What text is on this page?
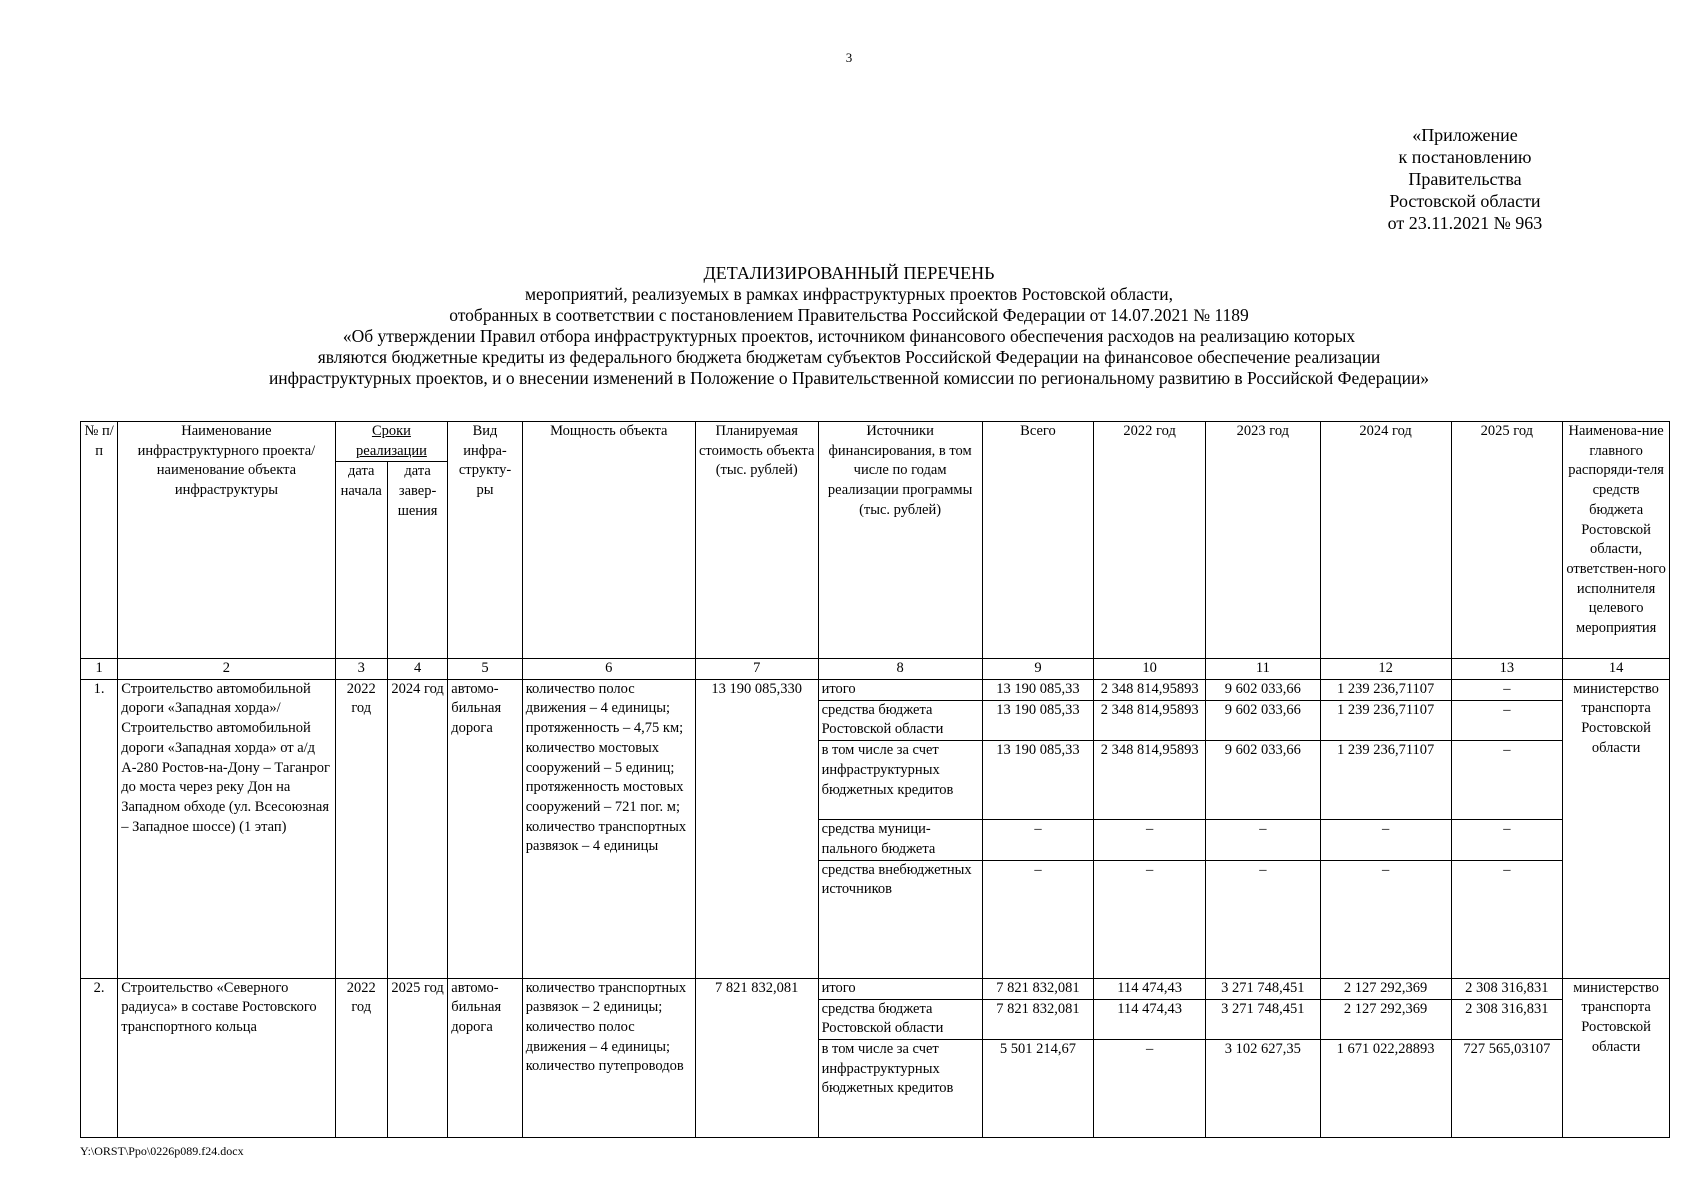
3
«Приложение
к постановлению
Правительства
Ростовской области
от 23.11.2021 № 963
ДЕТАЛИЗИРОВАННЫЙ ПЕРЕЧЕНЬ
мероприятий, реализуемых в рамках инфраструктурных проектов Ростовской области,
отобранных в соответствии с постановлением Правительства Российской Федерации от 14.07.2021 № 1189
«Об утверждении Правил отбора инфраструктурных проектов, источником финансового обеспечения расходов на реализацию которых
являются бюджетные кредиты из федерального бюджета бюджетам субъектов Российской Федерации на финансовое обеспечение реализации
инфраструктурных проектов, и о внесении изменений в Положение о Правительственной комиссии по региональному развитию в Российской Федерации»
№ п/п	Наименование инфраструктурного проекта/наименование объекта инфраструктуры	Сроки реализации		Вид инфра-структу-ры	Мощность объекта	Планируемая стоимость объекта (тыс. рублей)	Источники финансирования, в том числе по годам реализации программы (тыс. рублей)	Всего	2022 год	2023 год	2024 год	2025 год	Наименова-ние главного распоряди-теля средств бюджета Ростовской области, ответствен-ного исполнителя целевого мероприятия
		дата начала	дата завер-шения										
1	2	3	4	5	6	7	8	9	10	11	12	13	14
1.	Строительство автомобильной дороги «Западная хорда»/ Строительство автомобильной дороги «Западная хорда» от а/д А-280 Ростов-на-Дону – Таганрог до моста через реку Дон на Западном обходе (ул. Всесоюзная – Западное шоссе) (1 этап)	2022 год	2024 год	автомо-бильная дорога	количество полос движения – 4 единицы; протяженность – 4,75 км; количество мостовых сооружений – 5 единиц; протяженность мостовых сооружений – 721 пог. м; количество транспортных развязок – 4 единицы	13 190 085,330	итого	13 190 085,33	2 348 814,95893	9 602 033,66	1 239 236,71107	–	министерство транспорта Ростовской области
							средства бюджета Ростовской области	13 190 085,33	2 348 814,95893	9 602 033,66	1 239 236,71107	–	
							в том числе за счет инфраструктурных бюджетных кредитов	13 190 085,33	2 348 814,95893	9 602 033,66	1 239 236,71107	–	
							средства муници-пального бюджета	–	–	–	–	–	
							средства внебюджетных источников	–	–	–	–	–	
2.	Строительство «Северного радиуса» в составе Ростовского транспортного кольца	2022 год	2025 год	автомо-бильная дорога	количество транспортных развязок – 2 единицы; количество полос движения – 4 единицы; количество путепроводов	7 821 832,081	итого	7 821 832,081	114 474,43	3 271 748,451	2 127 292,369	2 308 316,831	министерство транспорта Ростовской области
							средства бюджета Ростовской области	7 821 832,081	114 474,43	3 271 748,451	2 127 292,369	2 308 316,831	
							в том числе за счет инфраструктурных бюджетных кредитов	5 501 214,67	–	3 102 627,35	1 671 022,28893	727 565,03107	
Y:\ORST\Ppo\0226p089.f24.docx
